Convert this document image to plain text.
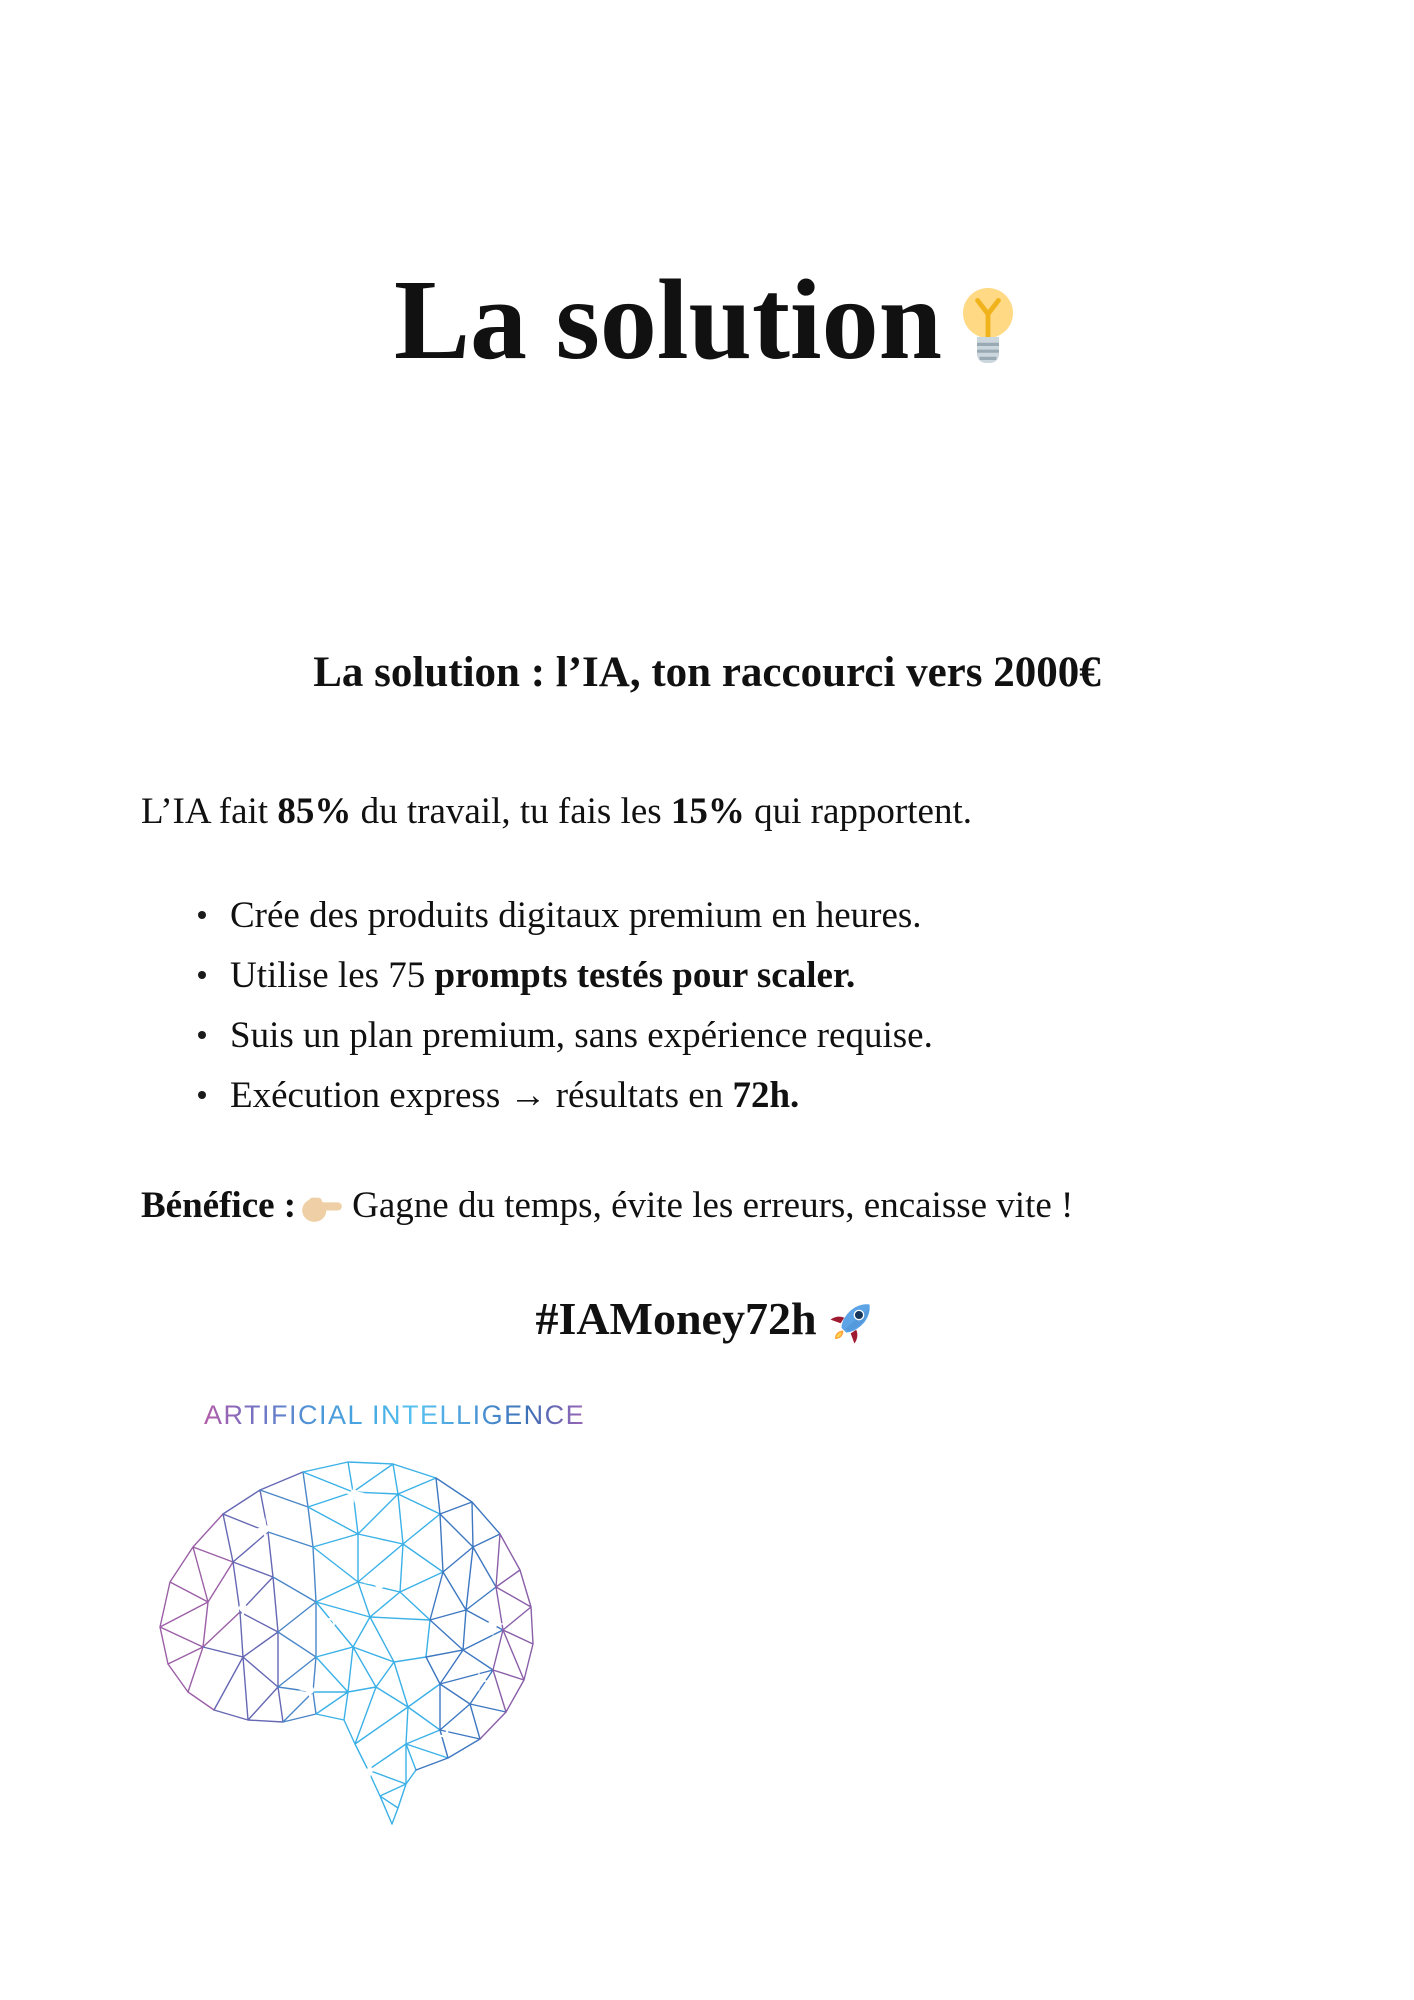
La solution
La solution : l’IA, ton raccourci vers 2000€

L’IA fait 85% du travail, tu fais les 15% qui rapportent.

Crée des produits digitaux premium en heures.
Utilise les 75 prompts testés pour scaler.
Suis un plan premium, sans expérience requise.
Exécution express → résultats en 72h.

Bénéfice : Gagne du temps, évite les erreurs, encaisse vite !

#IAMoney72h

ARTIFICIAL INTELLIGENCE
